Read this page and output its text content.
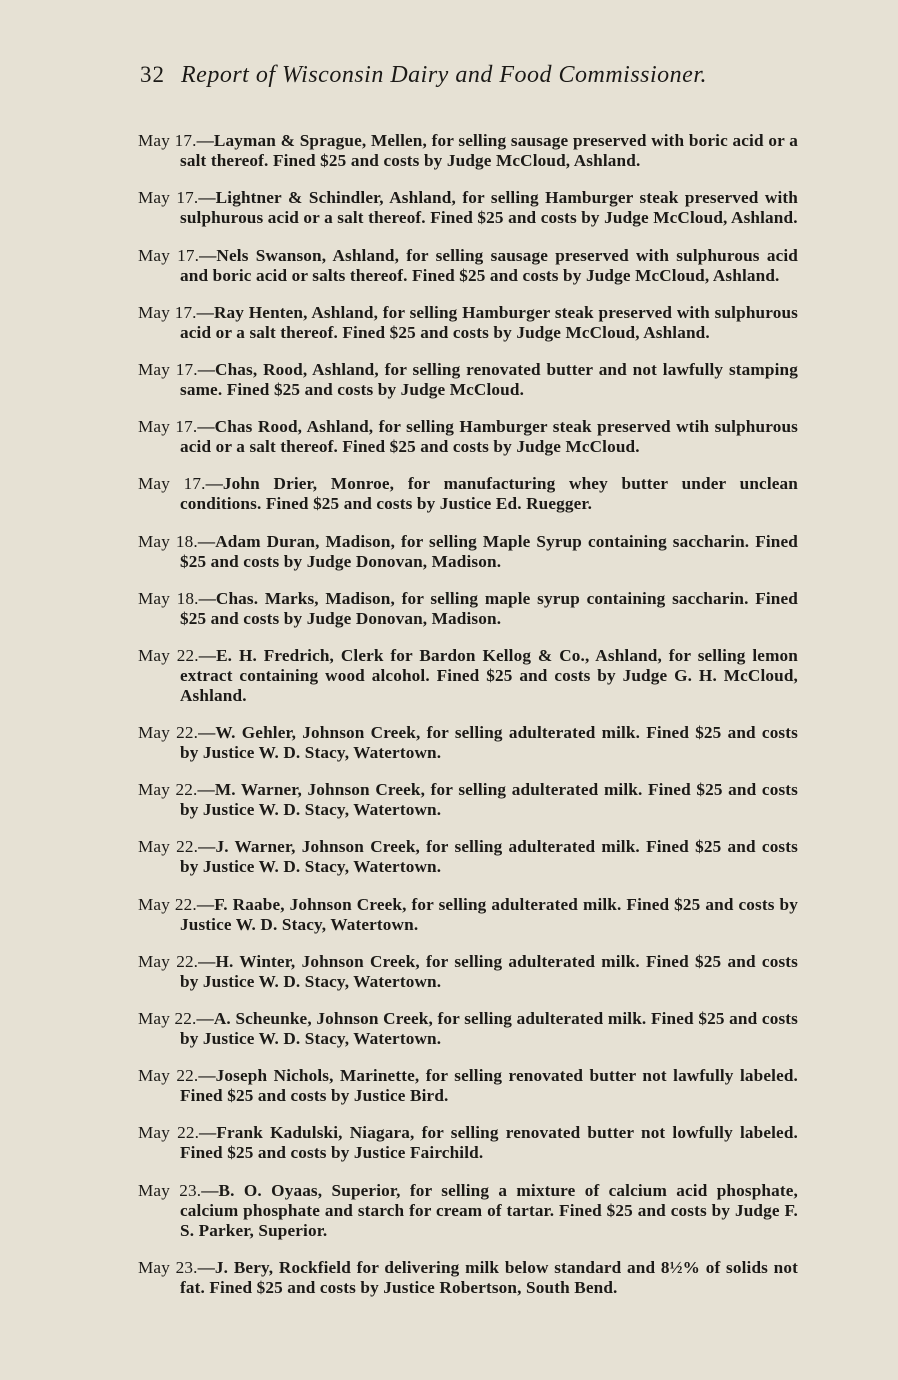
32 Report of Wisconsin Dairy and Food Commissioner.

May 17.—Layman & Sprague, Mellen, for selling sausage preserved with boric acid or a salt thereof. Fined $25 and costs by Judge McCloud, Ashland.

May 17.—Lightner & Schindler, Ashland, for selling Hamburger steak preserved with sulphurous acid or a salt thereof. Fined $25 and costs by Judge McCloud, Ashland.

May 17.—Nels Swanson, Ashland, for selling sausage preserved with sulphurous acid and boric acid or salts thereof. Fined $25 and costs by Judge McCloud, Ashland.

May 17.—Ray Henten, Ashland, for selling Hamburger steak preserved with sulphurous acid or a salt thereof. Fined $25 and costs by Judge McCloud, Ashland.

May 17.—Chas, Rood, Ashland, for selling renovated butter and not lawfully stamping same. Fined $25 and costs by Judge McCloud.

May 17.—Chas Rood, Ashland, for selling Hamburger steak preserved wtih sulphurous acid or a salt thereof. Fined $25 and costs by Judge McCloud.

May 17.—John Drier, Monroe, for manufacturing whey butter under unclean conditions. Fined $25 and costs by Justice Ed. Ruegger.

May 18.—Adam Duran, Madison, for selling Maple Syrup containing saccharin. Fined $25 and costs by Judge Donovan, Madison.

May 18.—Chas. Marks, Madison, for selling maple syrup containing saccharin. Fined $25 and costs by Judge Donovan, Madison.

May 22.—E. H. Fredrich, Clerk for Bardon Kellog & Co., Ashland, for selling lemon extract containing wood alcohol. Fined $25 and costs by Judge G. H. McCloud, Ashland.

May 22.—W. Gehler, Johnson Creek, for selling adulterated milk. Fined $25 and costs by Justice W. D. Stacy, Watertown.

May 22.—M. Warner, Johnson Creek, for selling adulterated milk. Fined $25 and costs by Justice W. D. Stacy, Watertown.

May 22.—J. Warner, Johnson Creek, for selling adulterated milk. Fined $25 and costs by Justice W. D. Stacy, Watertown.

May 22.—F. Raabe, Johnson Creek, for selling adulterated milk. Fined $25 and costs by Justice W. D. Stacy, Watertown.

May 22.—H. Winter, Johnson Creek, for selling adulterated milk. Fined $25 and costs by Justice W. D. Stacy, Watertown.

May 22.—A. Scheunke, Johnson Creek, for selling adulterated milk. Fined $25 and costs by Justice W. D. Stacy, Watertown.

May 22.—Joseph Nichols, Marinette, for selling renovated butter not lawfully labeled. Fined $25 and costs by Justice Bird.

May 22.—Frank Kadulski, Niagara, for selling renovated butter not lowfully labeled. Fined $25 and costs by Justice Fairchild.

May 23.—B. O. Oyaas, Superior, for selling a mixture of calcium acid phosphate, calcium phosphate and starch for cream of tartar. Fined $25 and costs by Judge F. S. Parker, Superior.

May 23.—J. Bery, Rockfield for delivering milk below standard and 8½% of solids not fat. Fined $25 and costs by Justice Robertson, South Bend.
